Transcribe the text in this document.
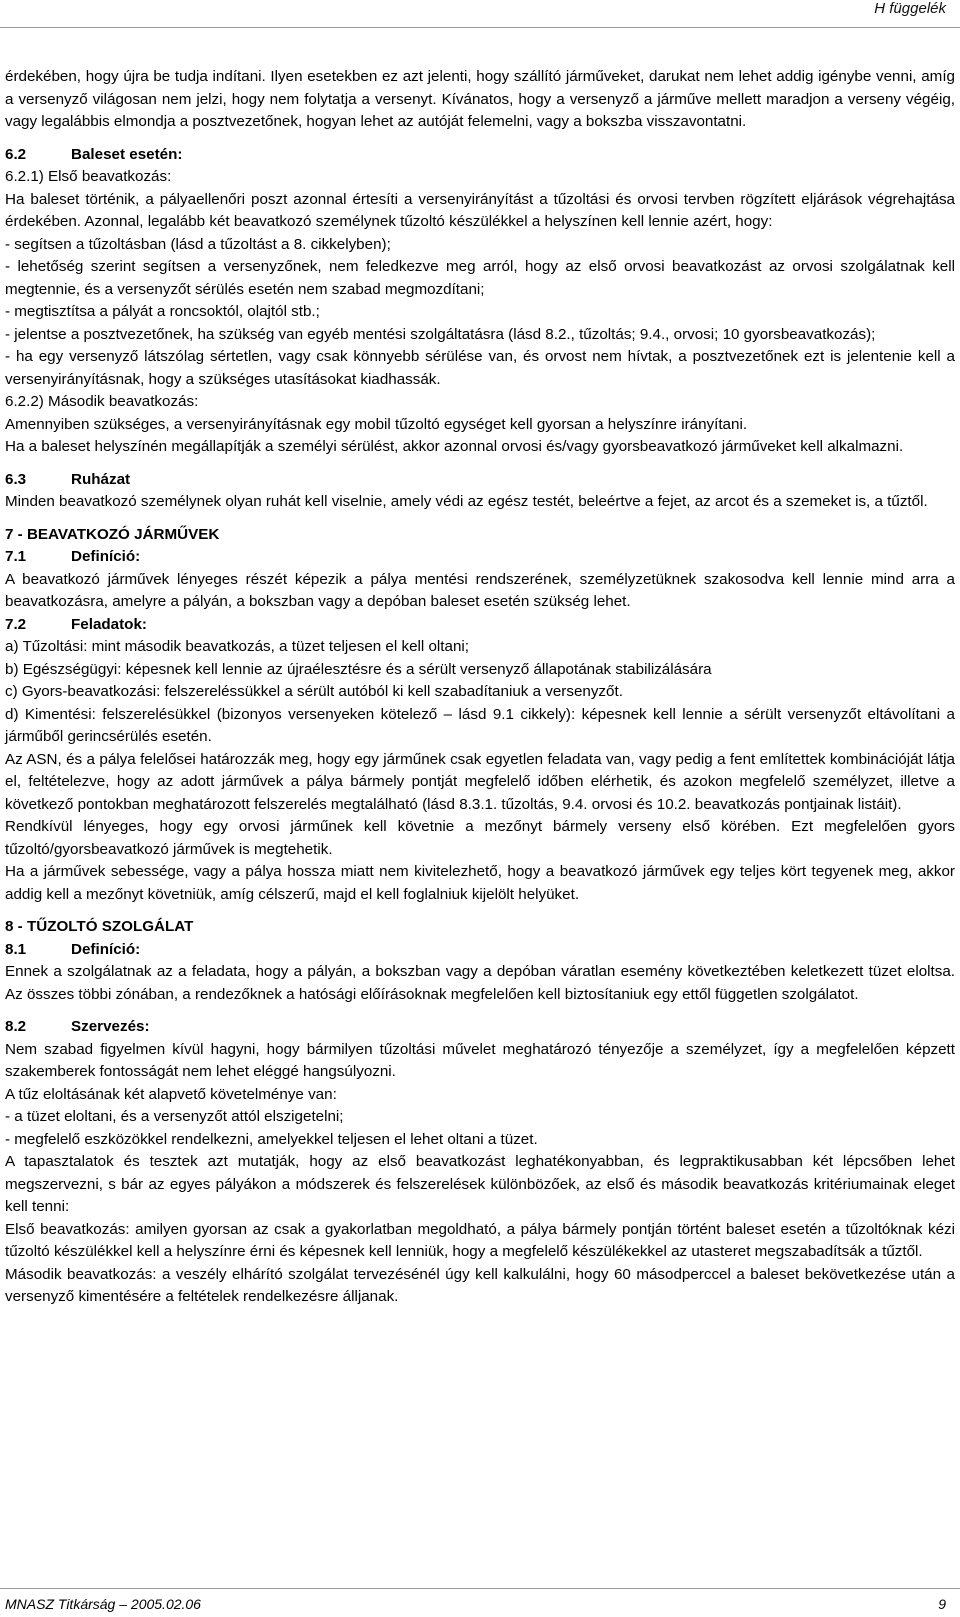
H függelék

érdekében, hogy újra be tudja indítani. Ilyen esetekben ez azt jelenti, hogy szállító járműveket, darukat nem lehet addig igénybe venni, amíg a versenyző világosan nem jelzi, hogy nem folytatja a versenyt. Kívánatos, hogy a versenyző a járműve mellett maradjon a verseny végéig, vagy legalábbis elmondja a posztvezetőnek, hogyan lehet az autóját felemelni, vagy a bokszba visszavontatni.

6.2	Baleset esetén:

6.2.1) Első beavatkozás:

Ha baleset történik, a pályaellenőri poszt azonnal értesíti a versenyirányítást a tűzoltási és orvosi tervben rögzített eljárások végrehajtása érdekében. Azonnal, legalább két beavatkozó személynek tűzoltó készülékkel a helyszínen kell lennie azért, hogy:

- segítsen a tűzoltásban (lásd a tűzoltást a 8. cikkelyben);

- lehetőség szerint segítsen a versenyzőnek, nem feledkezve meg arról, hogy az első orvosi beavatkozást az orvosi szolgálatnak kell megtennie, és a versenyzőt sérülés esetén nem szabad megmozdítani;

- megtisztítsa a pályát a roncsoktól, olajtól stb.;

- jelentse a posztvezetőnek, ha szükség van egyéb mentési szolgáltatásra (lásd 8.2., tűzoltás; 9.4., orvosi; 10 gyorsbeavatkozás);

- ha egy versenyző látszólag sértetlen, vagy csak könnyebb sérülése van, és orvost nem hívtak, a posztvezetőnek ezt is jelentenie kell a versenyirányításnak, hogy a szükséges utasításokat kiadhassák.

6.2.2) Második beavatkozás:

Amennyiben szükséges, a versenyirányításnak egy mobil tűzoltó egységet kell gyorsan a helyszínre irányítani.

Ha a baleset helyszínén megállapítják a személyi sérülést, akkor azonnal orvosi és/vagy gyorsbeavatkozó járműveket kell alkalmazni.

6.3	Ruházat

Minden beavatkozó személynek olyan ruhát kell viselnie, amely védi az egész testét, beleértve a fejet, az arcot és a szemeket is, a tűztől.

7 - BEAVATKOZÓ JÁRMŰVEK

7.1	Definíció:

A beavatkozó járművek lényeges részét képezik a pálya mentési rendszerének, személyzetüknek szakosodva kell lennie mind arra a beavatkozásra, amelyre a pályán, a bokszban vagy a depóban baleset esetén szükség lehet.

7.2	Feladatok:

a) Tűzoltási: mint második beavatkozás, a tüzet teljesen el kell oltani;

b) Egészségügyi: képesnek kell lennie az újraélesztésre és a sérült versenyző állapotának stabilizálására

c) Gyors-beavatkozási: felszereléssükkel a sérült autóból ki kell szabadítaniuk a versenyzőt.

d) Kimentési: felszerelésükkel (bizonyos versenyeken kötelező – lásd 9.1 cikkely): képesnek kell lennie a sérült versenyzőt eltávolítani a járműből gerincsérülés esetén.

Az ASN, és a pálya felelősei határozzák meg, hogy egy járműnek csak egyetlen feladata van, vagy pedig a fent említettek kombinációját látja el, feltételezve, hogy az adott járművek a pálya bármely pontját megfelelő időben elérhetik, és azokon megfelelő személyzet, illetve a következő pontokban meghatározott felszerelés megtalálható (lásd 8.3.1. tűzoltás, 9.4. orvosi és 10.2. beavatkozás pontjainak listáit).

Rendkívül lényeges, hogy egy orvosi járműnek kell követnie a mezőnyt bármely verseny első körében. Ezt megfelelően gyors tűzoltó/gyorsbeavatkozó járművek is megtehetik.

Ha a járművek sebessége, vagy a pálya hossza miatt nem kivitelezhető, hogy a beavatkozó járművek egy teljes kört tegyenek meg, akkor addig kell a mezőnyt követniük, amíg célszerű, majd el kell foglalniuk kijelölt helyüket.

8 - TŰZOLTÓ SZOLGÁLAT

8.1	Definíció:

Ennek a szolgálatnak az a feladata, hogy a pályán, a bokszban vagy a depóban váratlan esemény következtében keletkezett tüzet eloltsa. Az összes többi zónában, a rendezőknek a hatósági előírásoknak megfelelően kell biztosítaniuk egy ettől független szolgálatot.

8.2	Szervezés:

Nem szabad figyelmen kívül hagyni, hogy bármilyen tűzoltási művelet meghatározó tényezője a személyzet, így a megfelelően képzett szakemberek fontosságát nem lehet eléggé hangsúlyozni.

A tűz eloltásának két alapvető követelménye van:

- a tüzet eloltani, és a versenyzőt attól elszigetelni;

- megfelelő eszközökkel rendelkezni, amelyekkel teljesen el lehet oltani a tüzet.

A tapasztalatok és tesztek azt mutatják, hogy az első beavatkozást leghatékonyabban, és legpraktikusabban két lépcsőben lehet megszervezni, s bár az egyes pályákon a módszerek és felszerelések különbözőek, az első és második beavatkozás kritériumainak eleget kell tenni:

Első beavatkozás: amilyen gyorsan az csak a gyakorlatban megoldható, a pálya bármely pontján történt baleset esetén a tűzoltóknak kézi tűzoltó készülékkel kell a helyszínre érni és képesnek kell lenniük, hogy a megfelelő készülékekkel az utasteret megszabadítsák a tűztől.

Második beavatkozás: a veszély elhárító szolgálat tervezésénél úgy kell kalkulálni, hogy 60 másodperccel a baleset bekövetkezése után a versenyző kimentésére a feltételek rendelkezésre álljanak.

MNASZ Titkárság – 2005.02.06	9
